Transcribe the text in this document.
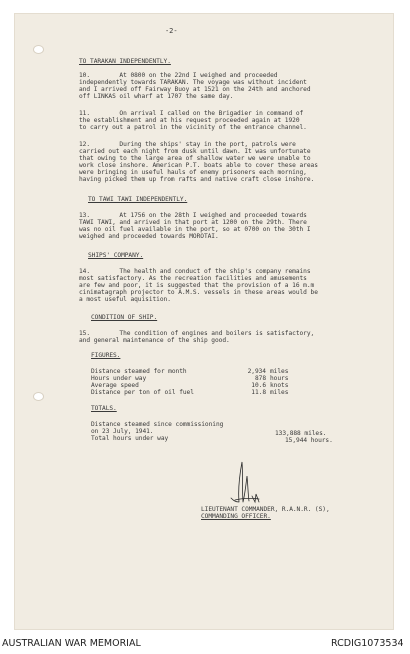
-2-
TO TARAKAN INDEPENDENTLY.
10.        At 0800 on the 22nd I weighed and proceeded
independently towards TARAKAN. The voyage was without incident
and I arrived off Fairway Buoy at 1521 on the 24th and anchored
off LINKAS oil wharf at 1707 the same day.
11.        On arrival I called on the Brigadier in command of
the establishment and at his request proceeded again at 1920
to carry out a patrol in the vicinity of the entrance channel.
12.        During the ships' stay in the port, patrols were
carried out each night from dusk until dawn. It was unfortunate
that owing to the large area of shallow water we were unable to
work close inshore. American P.T. boats able to cover these areas
were bringing in useful hauls of enemy prisoners each morning,
having picked them up from rafts and native craft close inshore.
TO TAWI TAWI INDEPENDENTLY.
13.        At 1756 on the 28th I weighed and proceeded towards
TAWI TAWI, and arrived in that port at 1200 on the 29th. There
was no oil fuel available in the port, so at 0700 on the 30th I
weighed and proceeded towards MOROTAI.
SHIPS' COMPANY.
14.        The health and conduct of the ship's company remains
most satisfactory. As the recreation facilities and amusements
are few and poor, it is suggested that the provision of a 16 m.m
cinimatagraph projector to A.M.S. vessels in these areas would be
a most useful aquisition.
CONDITION OF SHIP.
15.        The condition of engines and boilers is satisfactory,
and general maintenance of the ship good.
FIGURES.
Distance steamed for month	2,934 miles
Hours under way	878 hours
Average speed	10.6 knots
Distance per ton of oil fuel	11.8 miles
TOTALS.
Distance steamed since commissioning
on 23 July, 1941.	133,888 miles.
Total hours under way	15,944 hours.
LIEUTENANT COMMANDER, R.A.N.R. (S),
COMMANDING OFFICER.
AUSTRALIAN WAR MEMORIAL	RCDIG1073534
